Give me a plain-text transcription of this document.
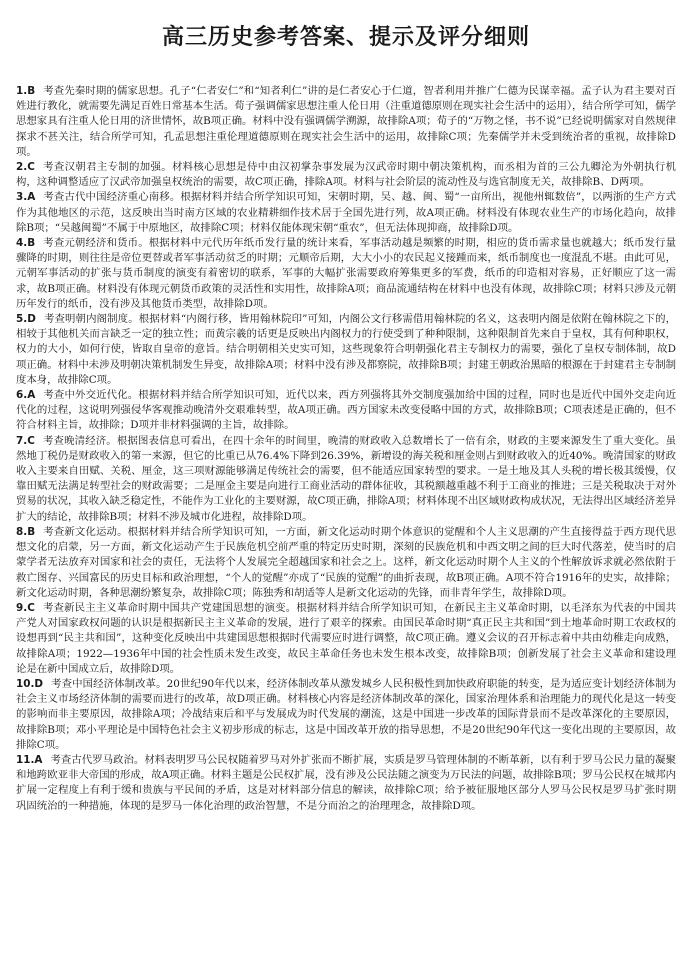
高三历史参考答案、提示及评分细则

1.B 考查先秦时期的儒家思想。孔子“仁者安仁”和“知者利仁”讲的是仁者安心于仁道，智者利用并推广仁德为民谋幸福。孟子认为君主要对百姓进行教化，就需要先满足百姓日常基本生活。荀子强调儒家思想注重人伦日用（注重道德原则在现实社会生活中的运用），结合所学可知，儒学思想家具有注重人伦日用的济世情怀，故B项正确。材料中没有强调儒学溯源，故排除A项；荀子的“万物之怪，书不说”已经说明儒家对自然规律探求不甚关注，结合所学可知，孔孟思想注重伦理道德原则在现实社会生活中的运用，故排除C项；先秦儒学并未受到统治者的重视，故排除D项。

2.C 考查汉朝君主专制的加强。材料核心思想是侍中由汉初掌杂事发展为汉武帝时期中朝决策机构，而丞相为首的三公九卿沦为外朝执行机构，这种调整适应了汉武帝加强皇权统治的需要，故C项正确，排除A项。材料与社会阶层的流动性及与选官制度无关，故排除B、D两项。

3.A 考查古代中国经济重心南移。根据材料并结合所学知识可知，宋朝时期，吴、越、闽、蜀“一亩所出，视他州辄数倍”，以两浙的生产方式作为其他地区的示范，这反映出当时南方区域的农业精耕细作技术居于全国先进行列，故A项正确。材料没有体现农业生产的市场化趋向，故排除B项；“吴越闽蜀”不属于中原地区，故排除C项；材料仅能体现宋朝“重农”，但无法体现抑商，故排除D项。

4.B 考查元朝经济和货币。根据材料中元代历年纸币发行量的统计来看，军事活动越是频繁的时期，相应的货币需求量也就越大；纸币发行量骤降的时期，则往往是帝位更替或者军事活动贫乏的时期；元顺帝后期，大大小小的农民起义接踵而来，纸币制度也一度混乱不堪。由此可见，元朝军事活动的扩张与货币制度的演变有着密切的联系，军事的大幅扩张需要政府筹集更多的军费，纸币的印造相对容易，正好顺应了这一需求，故B项正确。材料没有体现元朝货币政策的灵活性和实用性，故排除A项；商品流通结构在材料中也没有体现，故排除C项；材料只涉及元朝历年发行的纸币，没有涉及其他货币类型，故排除D项。

5.D 考查明朝内阁制度。根据材料“内阁行移，皆用翰林院印”可知，内阁公文行移需借用翰林院的名义，这表明内阁是依附在翰林院之下的，相较于其他机关而言缺乏一定的独立性；而黄宗羲的话更是反映出内阁权力的行使受到了种种限制，这种限制首先来自于皇权，其有何种职权，权力的大小，如何行使，皆取自皇帝的意旨。结合明朝相关史实可知，这些现象符合明朝强化君主专制权力的需要，强化了皇权专制体制，故D项正确。材料中未涉及明朝决策机制发生异变，故排除A项；材料中没有涉及都察院，故排除B项；封建王朝政治黑暗的根源在于封建君主专制制度本身，故排除C项。

6.A 考查中外交近代化。根据材料并结合所学知识可知，近代以来，西方列强将其外交制度强加给中国的过程，同时也是近代中国外交走向近代化的过程，这说明列强侵华客观推动晚清外交艰难转型，故A项正确。西方国家未改变侵略中国的方式，故排除B项；C项表述是正确的，但不符合材料主旨，故排除；D项并非材料强调的主旨，故排除。

7.C 考查晚清经济。根据图表信息可看出，在四十余年的时间里，晚清的财政收入总数增长了一倍有余，财政的主要来源发生了重大变化。虽然地丁税仍是财政收入的第一来源，但它的比重已从76.4%下降到26.39%，新增设的海关税和厘金则占到财政收入的近40%。晚清国家的财政收入主要来自田赋、关税、厘金，这三项财源能够满足传统社会的需要，但不能适应国家转型的要求。一是土地及其人头税的增长极其缓慢，仅靠田赋无法满足转型社会的财政需要；二是厘金主要是向进行工商业活动的群体征收，其税额越重越不利于工商业的推进；三是关税取决于对外贸易的状况，其收入缺乏稳定性，不能作为工业化的主要财源，故C项正确，排除A项；材料体现不出区域财政构成状况，无法得出区域经济差异扩大的结论，故排除B项；材料不涉及城市化进程，故排除D项。

8.B 考查新文化运动。根据材料并结合所学知识可知，一方面，新文化运动时期个体意识的觉醒和个人主义思潮的产生直接得益于西方现代思想文化的启蒙，另一方面，新文化运动产生于民族危机空前严重的特定历史时期，深刻的民族危机和中西文明之间的巨大时代落差，使当时的启蒙学者无法放弃对国家和社会的责任，无法将个人发展完全超越国家和社会之上。这样，新文化运动时期个人主义的个性解放诉求就必然依附于救亡图存、兴国富民的历史目标和政治理想，“个人的觉醒”亦成了“民族的觉醒”的曲折表现，故B项正确。A项不符合1916年的史实，故排除；新文化运动时期，各种思潮纷繁复杂，故排除C项；陈独秀和胡适等人是新文化运动的先锋，而非青年学生，故排除D项。

9.C 考查新民主主义革命时期中国共产党建国思想的演变。根据材料并结合所学知识可知，在新民主主义革命时期，以毛泽东为代表的中国共产党人对国家政权问题的认识是根据新民主主义革命的发展，进行了艰辛的探索。由国民革命时期“真正民主共和国”到土地革命时期工农政权的设想再到“民主共和国”，这种变化反映出中共建国思想根据时代需要应时进行调整，故C项正确。遵义会议的召开标志着中共由幼稚走向成熟，故排除A项；1922—1936年中国的社会性质未发生改变，故民主革命任务也未发生根本改变，故排除B项；创新发展了社会主义革命和建设理论是在新中国成立后，故排除D项。

10.D 考查中国经济体制改革。20世纪90年代以来，经济体制改革从激发城乡人民积极性到加快政府职能的转变，是为适应变计划经济体制为社会主义市场经济体制的需要而进行的改革，故D项正确。材料核心内容是经济体制改革的深化，国家治理体系和治理能力的现代化是这一转变的影响而非主要原因，故排除A项；冷战结束后和平与发展成为时代发展的潮流，这是中国进一步改革的国际背景而不是改革深化的主要原因，故排除B项；邓小平理论是中国特色社会主义初步形成的标志，这是中国改革开放的指导思想，不是20世纪90年代这一变化出现的主要原因，故排除C项。

11.A 考查古代罗马政治。材料表明罗马公民权随着罗马对外扩张而不断扩展，实质是罗马管理体制的不断革新，以有利于罗马公民力量的凝聚和地跨欧亚非大帝国的形成，故A项正确。材料主题是公民权扩展，没有涉及公民法随之演变为万民法的问题，故排除B项；罗马公民权在城邦内扩展一定程度上有利于缓和贵族与平民间的矛盾，这是对材料部分信息的解读，故排除C项；给予被征服地区部分人罗马公民权是罗马扩张时期巩固统治的一种措施，体现的是罗马一体化治理的政治智慧，不是分而治之的治理理念，故排除D项。
